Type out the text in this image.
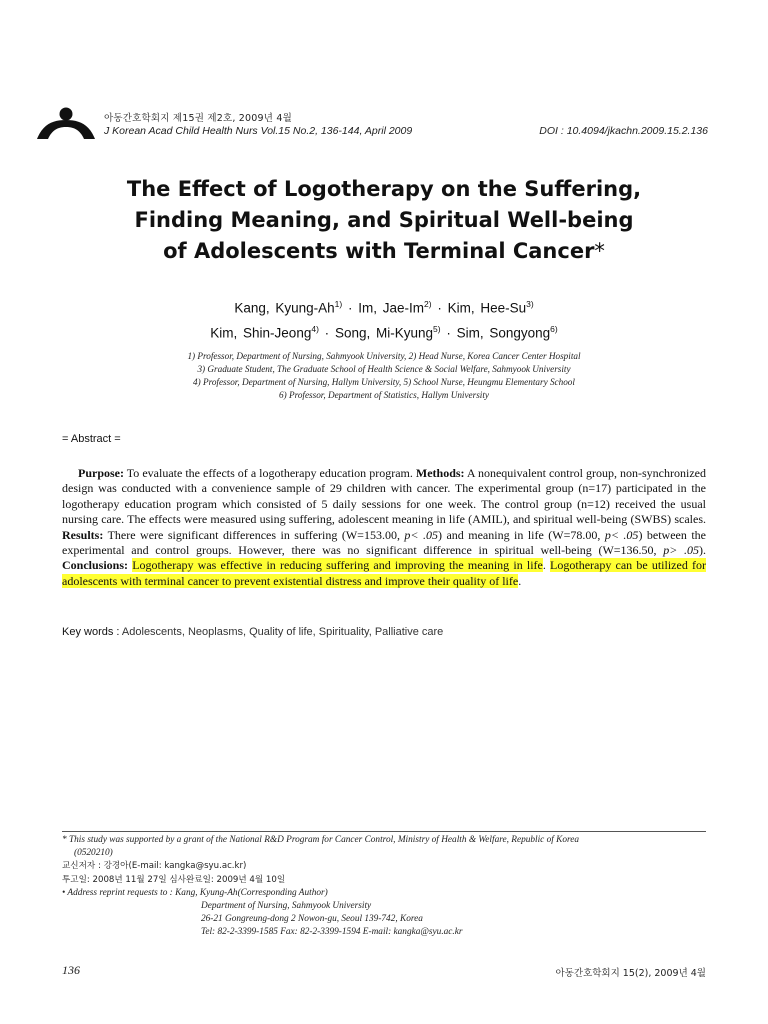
아동간호학회지 제15권 제2호, 2009년 4월
J Korean Acad Child Health Nurs Vol.15 No.2, 136-144, April 2009	DOI : 10.4094/jkachn.2009.15.2.136
The Effect of Logotherapy on the Suffering,
Finding Meaning, and Spiritual Well-being
of Adolescents with Terminal Cancer*
Kang, Kyung-$Ah^{1)} \cdot Im$, Jae-$Im^{2)}$ · Kim, Hee-Su$^{3)}$
Kim, Shin-Jeong$^{4)}$ · Song, Mi-Kyung$^{5)}$ · Sim, Songyong$^{6)}$
1) Professor, Department of Nursing, Sahmyook University, 2) Head Nurse, Korea Cancer Center Hospital
3) Graduate Student, The Graduate School of Health Science & Social Welfare, Sahmyook University
4) Professor, Department of Nursing, Hallym University, 5) School Nurse, Heungmu Elementary School
6) Professor, Department of Statistics, Hallym University
= Abstract =
Purpose: To evaluate the effects of a logotherapy education program. Methods: A nonequivalent control group, non-synchronized design was conducted with a convenience sample of 29 children with cancer. The experimental group (n=17) participated in the logotherapy education program which consisted of 5 daily sessions for one week. The control group (n=12) received the usual nursing care. The effects were measured using suffering, adolescent meaning in life (AMIL), and spiritual well-being (SWBS) scales. Results: There were significant differences in suffering (W=153.00, p< .05) and meaning in life (W=78.00, p< .05) between the experimental and control groups. However, there was no significant difference in spiritual well-being (W=136.50, p> .05). Conclusions: Logotherapy was effective in reducing suffering and improving the meaning in life. Logotherapy can be utilized for adolescents with terminal cancer to prevent existential distress and improve their quality of life.
Key words : Adolescents, Neoplasms, Quality of life, Spirituality, Palliative care
* This study was supported by a grant of the National R&D Program for Cancer Control, Ministry of Health & Welfare, Republic of Korea
(0520210)
교신저자 : 강경아(E-mail: kangka@syu.ac.kr)
투고일: 2008년 11월 27일 심사완료일: 2009년 4월 10일
• Address reprint requests to : Kang, Kyung-Ah(Corresponding Author)
Department of Nursing, Sahmyook University
26-21 Gongreung-dong 2 Nowon-gu, Seoul 139-742, Korea
Tel: 82-2-3399-1585 Fax: 82-2-3399-1594 E-mail: kangka@syu.ac.kr
136	아동간호학회지 15(2), 2009년 4월
